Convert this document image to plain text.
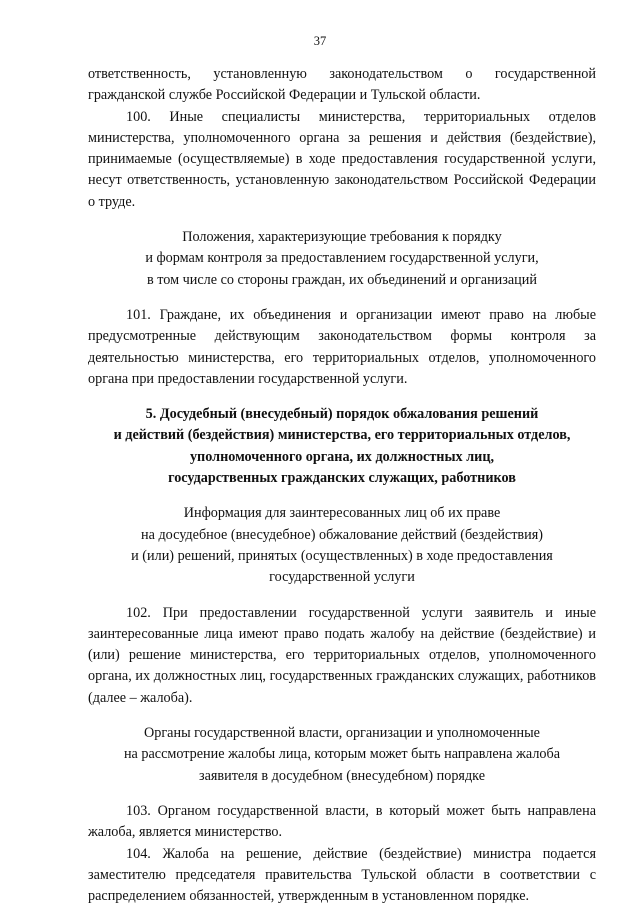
37

ответственность, установленную законодательством о государственной гражданской службе Российской Федерации и Тульской области.

100. Иные специалисты министерства, территориальных отделов министерства, уполномоченного органа за решения и действия (бездействие), принимаемые (осуществляемые) в ходе предоставления государственной услуги, несут ответственность, установленную законодательством Российской Федерации о труде.

Положения, характеризующие требования к порядку
и формам контроля за предоставлением государственной услуги,
в том числе со стороны граждан, их объединений и организаций

101. Граждане, их объединения и организации имеют право на любые предусмотренные действующим законодательством формы контроля за деятельностью министерства, его территориальных отделов, уполномоченного органа при предоставлении государственной услуги.

5. Досудебный (внесудебный) порядок обжалования решений
и действий (бездействия) министерства, его территориальных отделов,
уполномоченного органа, их должностных лиц,
государственных гражданских служащих, работников
Информация для заинтересованных лиц об их праве
на досудебное (внесудебное) обжалование действий (бездействия)
и (или) решений, принятых (осуществленных) в ходе предоставления
государственной услуги

102. При предоставлении государственной услуги заявитель и иные заинтересованные лица имеют право подать жалобу на действие (бездействие) и (или) решение министерства, его территориальных отделов, уполномоченного органа, их должностных лиц, государственных гражданских служащих, работников (далее – жалоба).

Органы государственной власти, организации и уполномоченные
на рассмотрение жалобы лица, которым может быть направлена жалоба
заявителя в досудебном (внесудебном) порядке

103. Органом государственной власти, в который может быть направлена жалоба, является министерство.

104. Жалоба на решение, действие (бездействие) министра подается заместителю председателя правительства Тульской области в соответствии с распределением обязанностей, утвержденным в установленном порядке.
